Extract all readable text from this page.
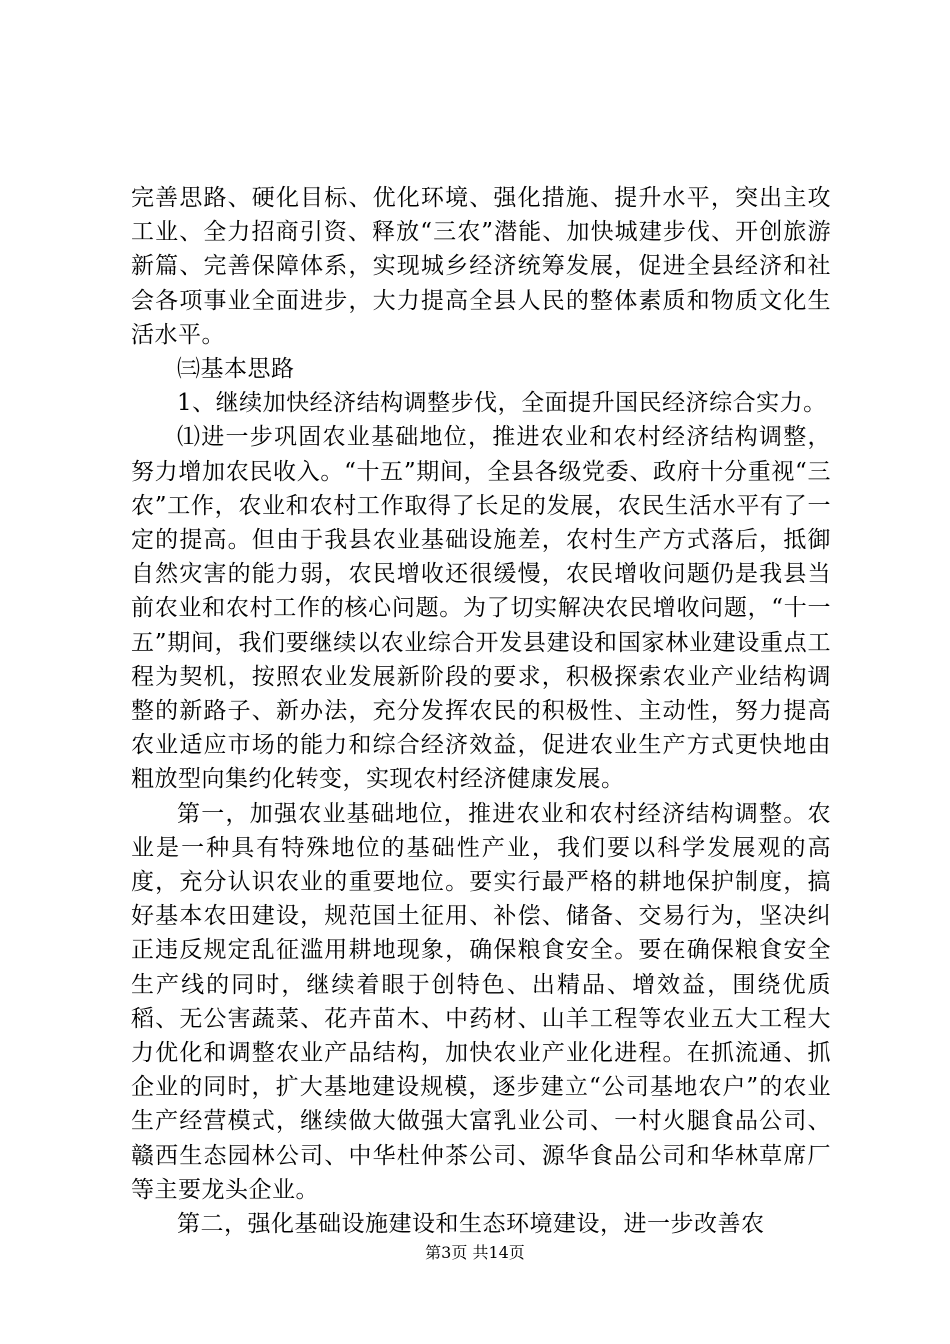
完善思路、硬化目标、优化环境、强化措施、提升水平，突出主攻工业、全力招商引资、释放“三农”潜能、加快城建步伐、开创旅游新篇、完善保障体系，实现城乡经济统筹发展，促进全县经济和社会各项事业全面进步，大力提高全县人民的整体素质和物质文化生活水平。

㈢基本思路

1、继续加快经济结构调整步伐，全面提升国民经济综合实力。

⑴进一步巩固农业基础地位，推进农业和农村经济结构调整，努力增加农民收入。“十五”期间，全县各级党委、政府十分重视“三农”工作，农业和农村工作取得了长足的发展，农民生活水平有了一定的提高。但由于我县农业基础设施差，农村生产方式落后，抵御自然灾害的能力弱，农民增收还很缓慢，农民增收问题仍是我县当前农业和农村工作的核心问题。为了切实解决农民增收问题，“十一五”期间，我们要继续以农业综合开发县建设和国家林业建设重点工程为契机，按照农业发展新阶段的要求，积极探索农业产业结构调整的新路子、新办法，充分发挥农民的积极性、主动性，努力提高农业适应市场的能力和综合经济效益，促进农业生产方式更快地由粗放型向集约化转变，实现农村经济健康发展。

第一，加强农业基础地位，推进农业和农村经济结构调整。农业是一种具有特殊地位的基础性产业，我们要以科学发展观的高度，充分认识农业的重要地位。要实行最严格的耕地保护制度，搞好基本农田建设，规范国土征用、补偿、储备、交易行为，坚决纠正违反规定乱征滥用耕地现象，确保粮食安全。要在确保粮食安全生产线的同时，继续着眼于创特色、出精品、增效益，围绕优质稻、无公害蔬菜、花卉苗木、中药材、山羊工程等农业五大工程大力优化和调整农业产品结构，加快农业产业化进程。在抓流通、抓企业的同时，扩大基地建设规模，逐步建立“公司基地农户”的农业生产经营模式，继续做大做强大富乳业公司、一村火腿食品公司、赣西生态园林公司、中华杜仲茶公司、源华食品公司和华林草席厂等主要龙头企业。

第二，强化基础设施建设和生态环境建设，进一步改善农

第3页 共14页
